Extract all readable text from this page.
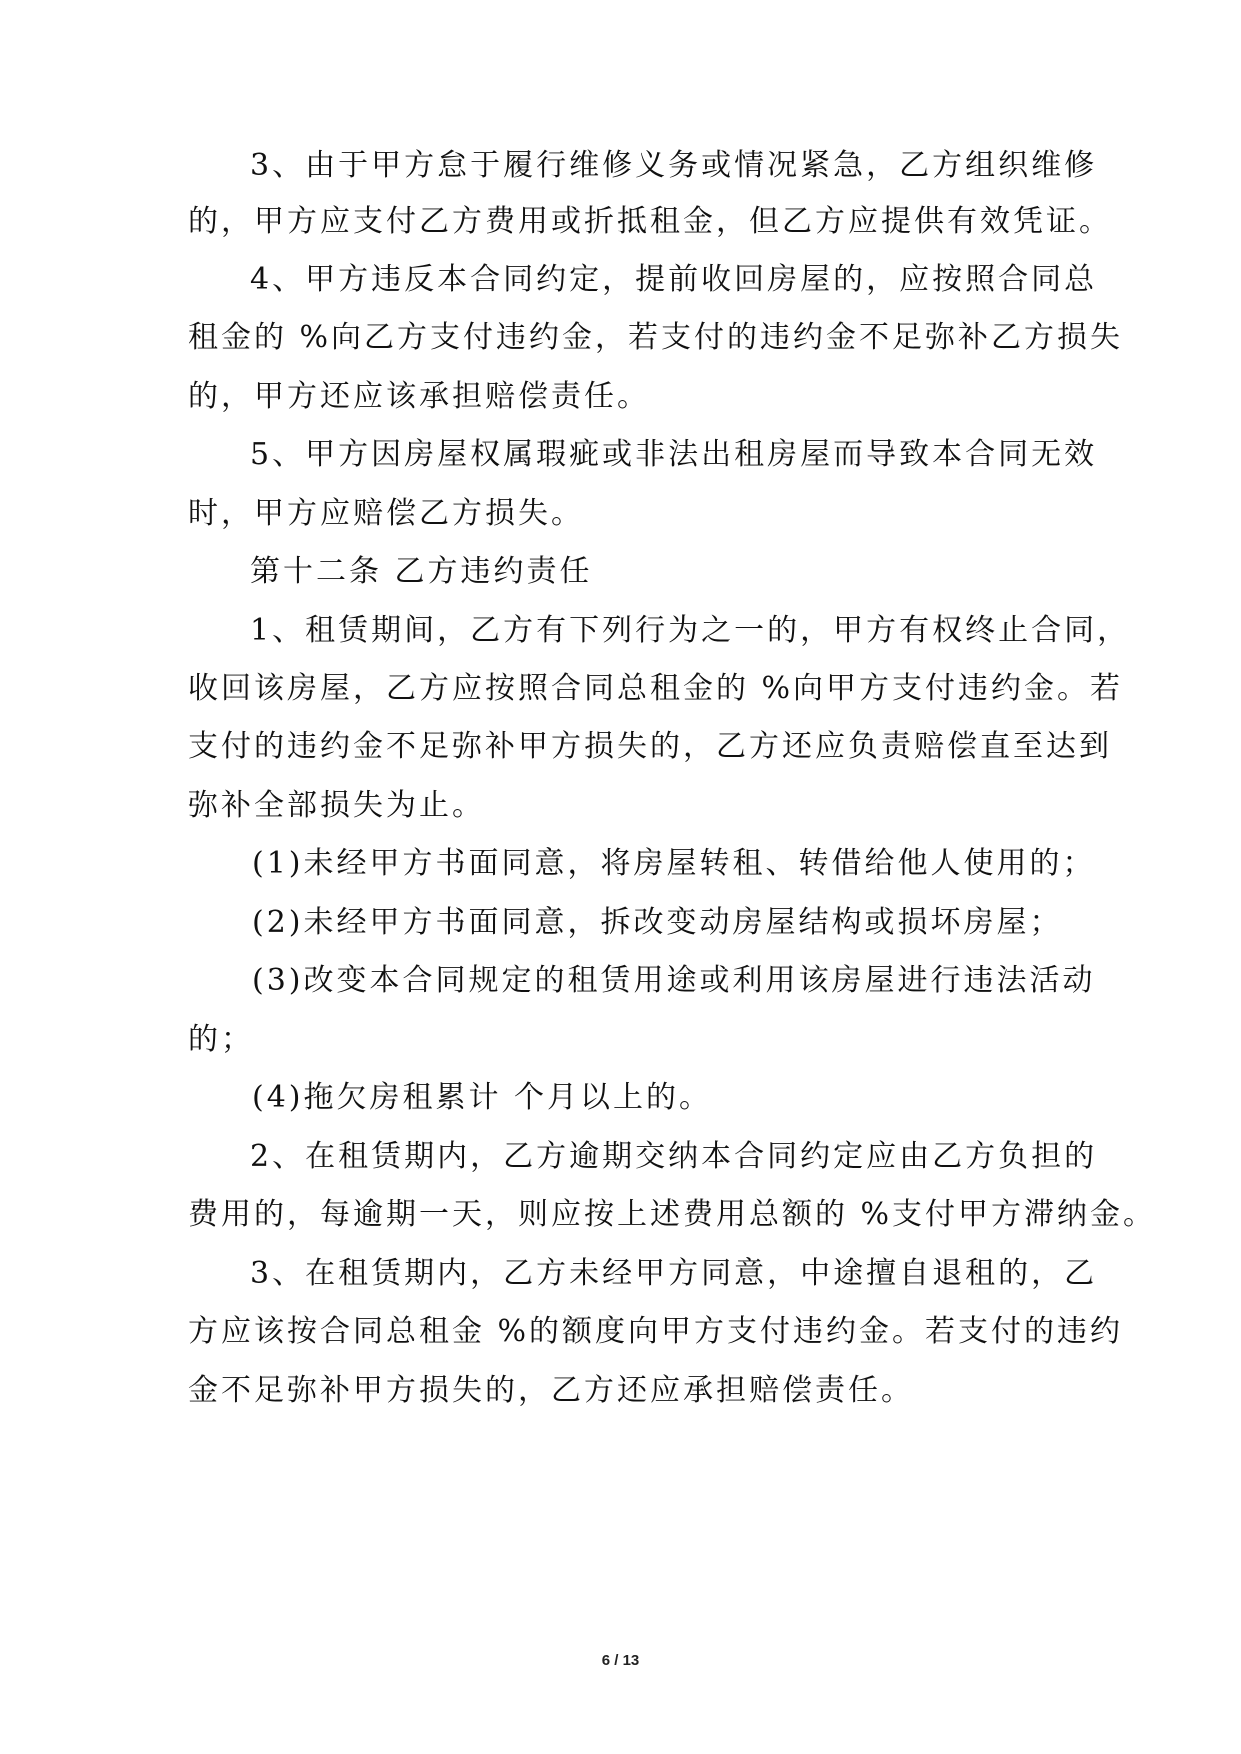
3、由于甲方怠于履行维修义务或情况紧急，乙方组织维修
的，甲方应支付乙方费用或折抵租金，但乙方应提供有效凭证。
4、甲方违反本合同约定，提前收回房屋的，应按照合同总
租金的 %向乙方支付违约金，若支付的违约金不足弥补乙方损失
的，甲方还应该承担赔偿责任。
5、甲方因房屋权属瑕疵或非法出租房屋而导致本合同无效
时，甲方应赔偿乙方损失。
第十二条 乙方违约责任
1、租赁期间，乙方有下列行为之一的，甲方有权终止合同，
收回该房屋，乙方应按照合同总租金的 %向甲方支付违约金。若
支付的违约金不足弥补甲方损失的，乙方还应负责赔偿直至达到
弥补全部损失为止。
(1)未经甲方书面同意，将房屋转租、转借给他人使用的；
(2)未经甲方书面同意，拆改变动房屋结构或损坏房屋；
(3)改变本合同规定的租赁用途或利用该房屋进行违法活动
的；
(4)拖欠房租累计 个月以上的。
2、在租赁期内，乙方逾期交纳本合同约定应由乙方负担的
费用的，每逾期一天，则应按上述费用总额的 %支付甲方滞纳金。
3、在租赁期内，乙方未经甲方同意，中途擅自退租的，乙
方应该按合同总租金 %的额度向甲方支付违约金。若支付的违约
金不足弥补甲方损失的，乙方还应承担赔偿责任。
6 / 13
